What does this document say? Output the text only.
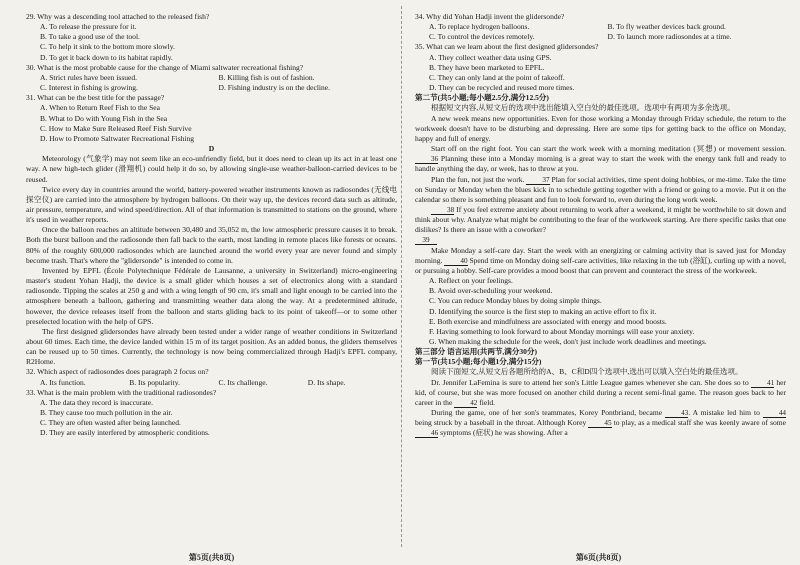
29. Why was a descending tool attached to the released fish?

A. To release the pressure for it.

B. To take a good use of the tool.

C. To help it sink to the bottom more slowly.

D. To get it back down to its habitat rapidly.

30. What is the most probable cause for the change of Miami saltwater recreational fishing?

A. Strict rules have been issued.	B. Killing fish is out of fashion.

C. Interest in fishing is growing.	D. Fishing industry is on the decline.

31. What can be the best title for the passage?

A. When to Return Reef Fish to the Sea

B. What to Do with Young Fish in the Sea

C. How to Make Sure Released Reef Fish Survive

D. How to Promote Saltwater Recreational Fishing

D

Meteorology (气象学) may not seem like an eco-unfriendly field, but it does need to clean up its act in at least one way. A new high-tech glider (滑翔机) could help it do so, by allowing single-use weather-balloon-carried devices to be reused.

Twice every day in countries around the world, battery-powered weather instruments known as radiosondes (无线电探空仪) are carried into the atmosphere by hydrogen balloons. On their way up, the devices record data such as altitude, air pressure, temperature, and wind speed/direction. All of that information is transmitted to stations on the ground, where it's used in weather reports.

Once the balloon reaches an altitude between 30,480 and 35,052 m, the low atmospheric pressure causes it to break. Both the burst balloon and the radiosonde then fall back to the earth, most landing in remote places like forests or oceans. 80% of the roughly 600,000 radiosondes which are launched around the world every year are never found and simply become trash. That's where the "glidersonde" is intended to come in.

Invented by EPFL (École Polytechnique Fédérale de Lausanne, a university in Switzerland) micro-engineering master's student Yohan Hadji, the device is a small glider which houses a set of electronics along with a standard radiosonde. Tipping the scales at 250 g and with a wing length of 90 cm, it's small and light enough to be carried into the atmosphere beneath a balloon, gathering and transmitting weather data along the way. At a predetermined altitude, however, the device releases itself from the balloon and starts gliding back to its point of takeoff—or to some other preselected location with the help of GPS.

The first designed glidersondes have already been tested under a wider range of weather conditions in Switzerland about 60 times. Each time, the device landed within 15 m of its target position. As an added bonus, the gliders themselves can be reused up to 50 times. Currently, the technology is now being commercialized through Hadji's EPFL company, R2Home.

32. Which aspect of radiosondes does paragraph 2 focus on?

A. Its function.	B. Its popularity.	C. Its challenge.	D. Its shape.

33. What is the main problem with the traditional radiosondes?

A. The data they record is inaccurate.

B. They cause too much pollution in the air.

C. They are often wasted after being launched.

D. They are easily interfered by atmospheric conditions.

第5页(共8页)

34. Why did Yohan Hadji invent the glidersonde?

A. To replace hydrogen balloons.	B. To fly weather devices back ground.

C. To control the devices remotely.	D. To launch more radiosondes at a time.

35. What can we learn about the first designed glidersondes?

A. They collect weather data using GPS.

B. They have been marketed to EPFL.

C. They can only land at the point of takeoff.

D. They can be recycled and reused more times.

第二节(共5小题;每小题2.5分,满分12.5分)

根据短文内容,从短文后的选项中选出能填入空白处的最佳选项。选项中有两项为多余选项。

A new week means new opportunities. Even for those working a Monday through Friday schedule, the return to the workweek doesn't have to be disturbing and depressing. Here are some tips for getting back to the office on Monday, happy and full of energy.

Start off on the right foot. You can start the work week with a morning meditation (冥想) or movement session. 36 Planning these into a Monday morning is a great way to start the week with the energy tank full and ready to handle anything the day, or week, has to throw at you.

Plan the fun, not just the work. 37 Plan for social activities, time spent doing hobbies, or me-time. Take the time on Sunday or Monday when the blues kick in to schedule getting together with a friend or going to a movie. Put it on the calendar so there is something pleasant and fun to look forward to, even during the long work week.

38 If you feel extreme anxiety about returning to work after a weekend, it might be worthwhile to sit down and think about why. Analyze what might be contributing to the fear of the workweek starting. Are there specific tasks that one dislikes? Is there an issue with a coworker?

39

Make Monday a self-care day. Start the week with an energizing or calming activity that is saved just for Monday morning. 40 Spend time on Monday doing self-care activities, like relaxing in the tub (浴缸), curling up with a novel, or pursuing a hobby. Self-care provides a mood boost that can prevent and counteract the stress of the workweek.

A. Reflect on your feelings.

B. Avoid over-scheduling your weekend.

C. You can reduce Monday blues by doing simple things.

D. Identifying the source is the first step to making an active effort to fix it.

E. Both exercise and mindfulness are associated with energy and mood boosts.

F. Having something to look forward to about Monday mornings will ease your anxiety.

G. When making the schedule for the week, don't just include work deadlines and meetings.

第三部分 语言运用(共两节,满分30分)

第一节(共15小题;每小题1分,满分15分)

阅读下面短文,从短文后各题所给的A、B、C和D四个选项中,选出可以填入空白处的最佳选项。

Dr. Jennifer LaFemina is sure to attend her son's Little League games whenever she can. She does so to	41 her kid, of course, but she was more focused on another child during a recent semi-final game. The reason goes back to her career in the 42 field.

During the game, one of her son's teammates, Korey Pontbriand, became	43. A mistake led him to	44 being struck by a baseball in the throat. Although Korey	45 to play, as a medical staff she was keenly aware of some 46 symptoms (症状) he was showing. After a

第6页(共8页)
